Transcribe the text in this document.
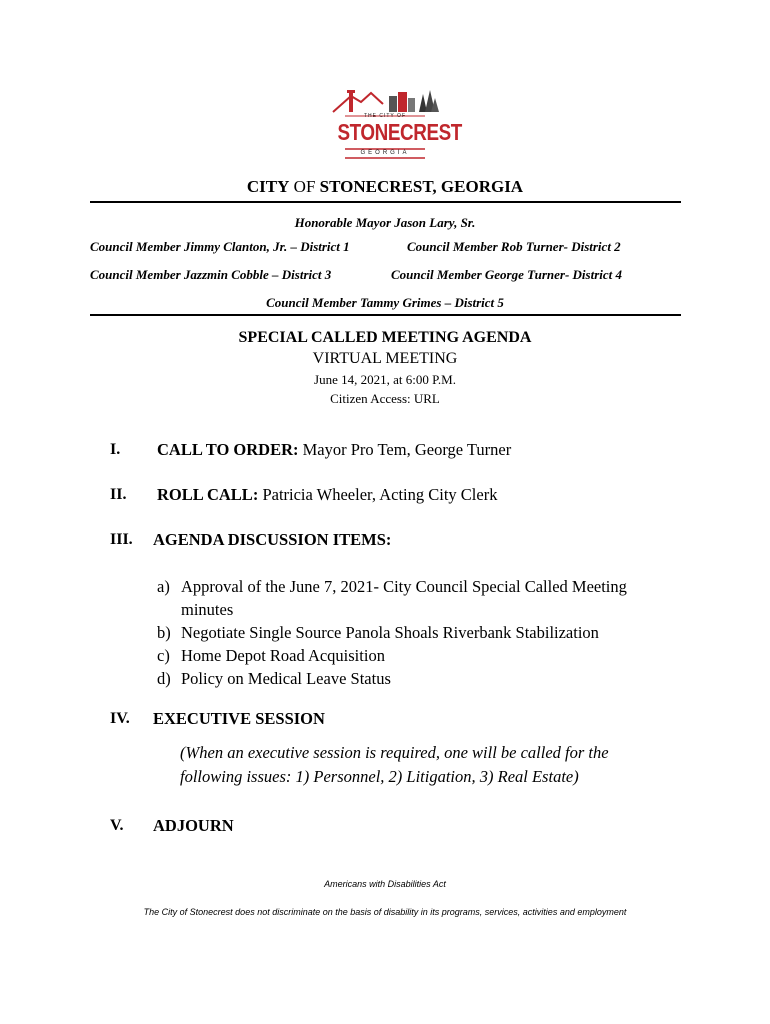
THE CITY OF
STONECREST
GEORGIA
CITY OF STONECREST, GEORGIA
Honorable Mayor Jason Lary, Sr.
Council Member Jimmy Clanton, Jr. – District 1	Council Member Rob Turner- District 2
Council Member Jazzmin Cobble – District 3	Council Member George Turner- District 4
Council Member Tammy Grimes – District 5
SPECIAL CALLED MEETING AGENDA
VIRTUAL MEETING
June 14, 2021, at 6:00 P.M.
Citizen Access: URL
I. CALL TO ORDER: Mayor Pro Tem, George Turner
II. ROLL CALL: Patricia Wheeler, Acting City Clerk
III. AGENDA DISCUSSION ITEMS:
a) Approval of the June 7, 2021- City Council Special Called Meeting minutes
b) Negotiate Single Source Panola Shoals Riverbank Stabilization
c) Home Depot Road Acquisition
d) Policy on Medical Leave Status
IV. EXECUTIVE SESSION
(When an executive session is required, one will be called for the following issues: 1) Personnel, 2) Litigation, 3) Real Estate)
V. ADJOURN
Americans with Disabilities Act
The City of Stonecrest does not discriminate on the basis of disability in its programs, services, activities and employment
